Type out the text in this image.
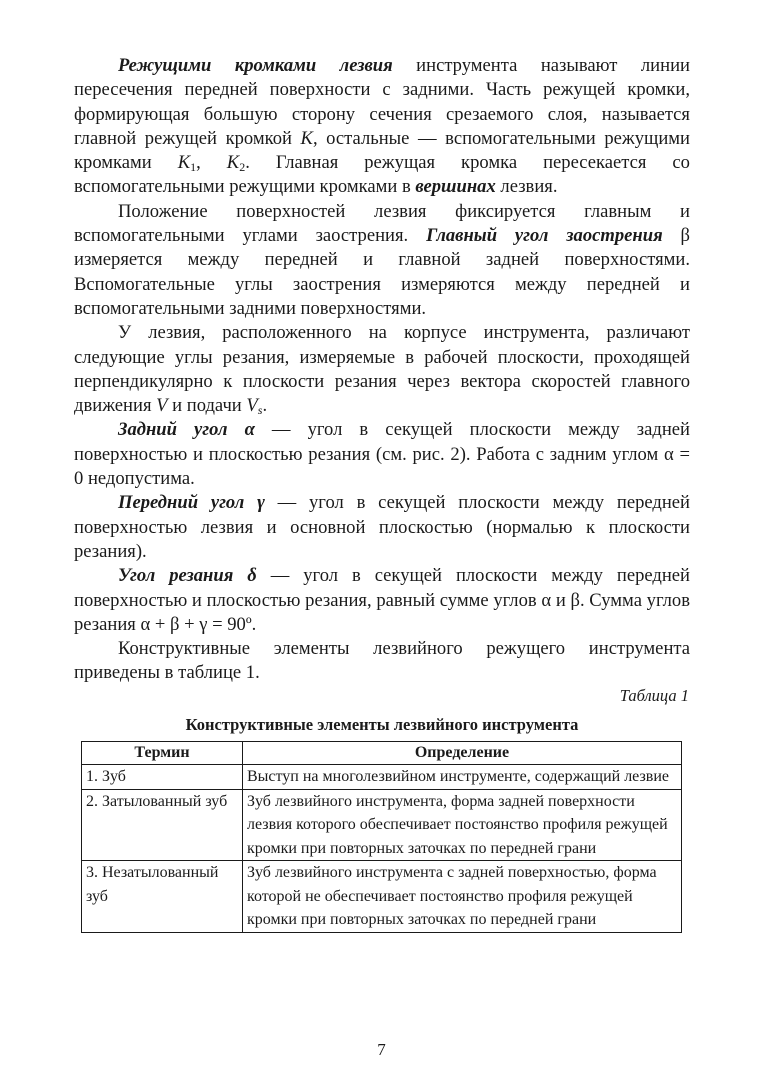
Режущими кромками лезвия инструмента называют линии пересечения передней поверхности с задними. Часть режущей кромки, формирующая большую сторону сечения срезаемого слоя, называется главной режущей кромкой K, остальные — вспомогательными режущими кромками $K_1$, $K_2$. Главная режущая кромка пересекается со вспомогательными режущими кромками в вершинах лезвия.

Положение поверхностей лезвия фиксируется главным и вспомогательными углами заострения. Главный угол заострения β измеряется между передней и главной задней поверхностями. Вспомогательные углы заострения измеряются между передней и вспомогательными задними поверхностями.

У лезвия, расположенного на корпусе инструмента, различают следующие углы резания, измеряемые в рабочей плоскости, проходящей перпендикулярно к плоскости резания через вектора скоростей главного движения V и подачи $V_s$.

Задний угол α — угол в секущей плоскости между задней поверхностью и плоскостью резания (см. рис. 2). Работа с задним углом α = 0 недопустима.

Передний угол γ — угол в секущей плоскости между передней поверхностью лезвия и основной плоскостью (нормалью к плоскости резания).

Угол резания δ — угол в секущей плоскости между передней поверхностью и плоскостью резания, равный сумме углов α и β. Сумма углов резания α + β + γ = 90º.

Конструктивные элементы лезвийного режущего инструмента приведены в таблице 1.

Таблица 1
Конструктивные элементы лезвийного инструмента
Термин	Определение
1. Зуб	Выступ на многолезвийном инструменте, содержащий лезвие
2. Затылованный зуб	Зуб лезвийного инструмента, форма задней поверхности лезвия которого обеспечивает постоянство профиля режущей кромки при повторных заточках по передней грани
3. Незатылованный зуб	Зуб лезвийного инструмента с задней поверхностью, форма которой не обеспечивает постоянство профиля режущей кромки при повторных заточках по передней грани
7
